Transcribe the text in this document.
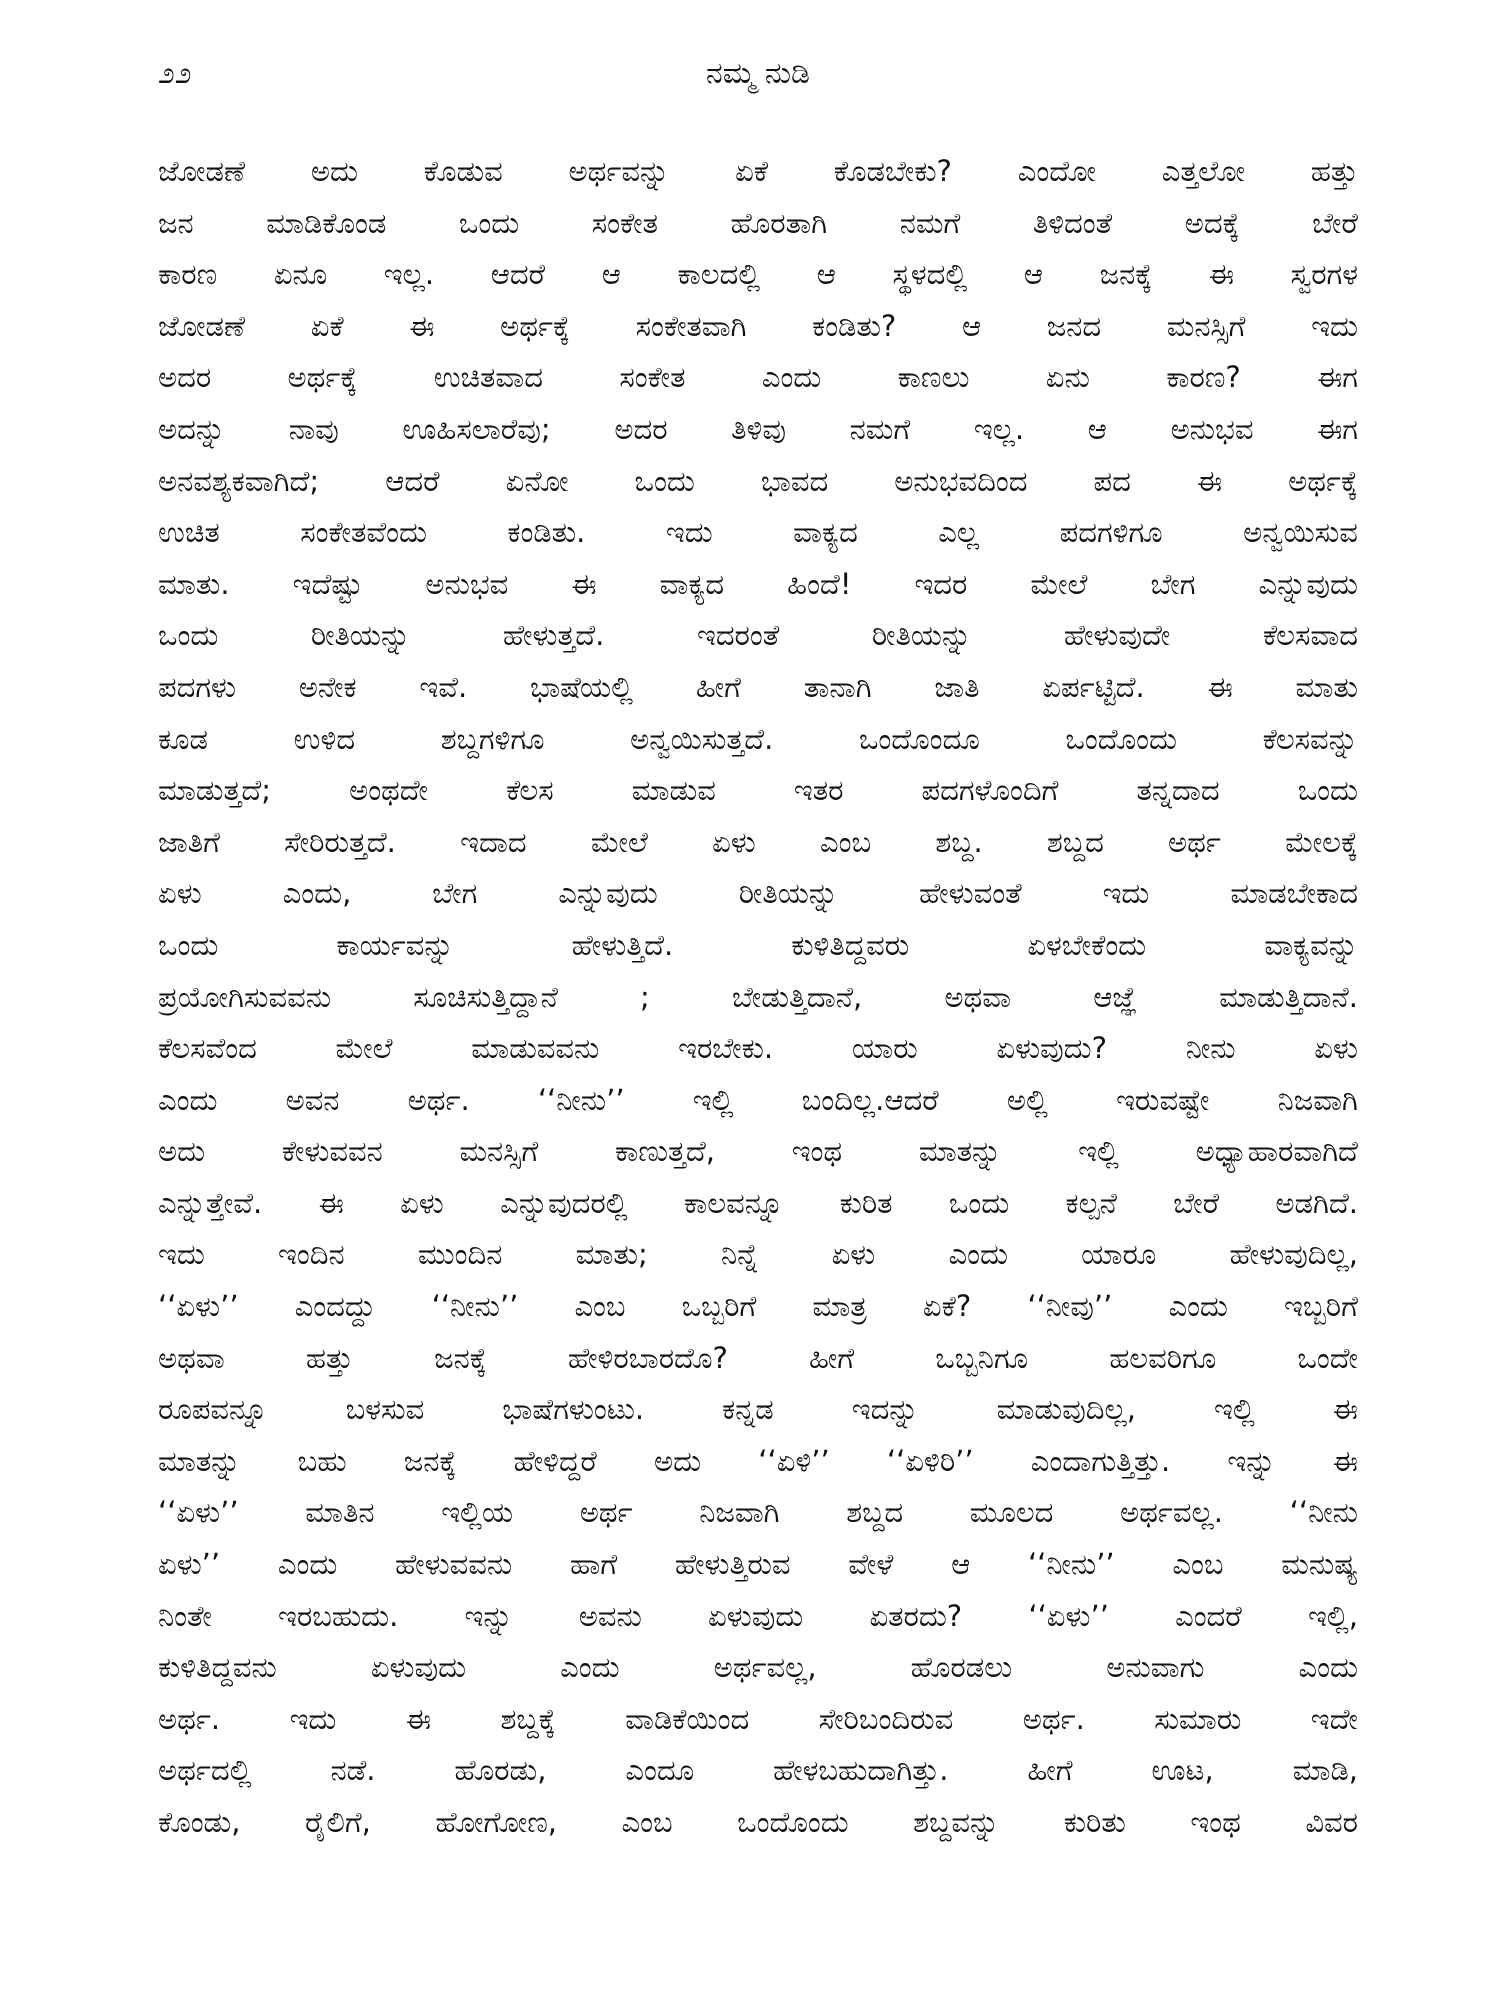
೨೨	ನಮ್ಮ ನುಡಿ
ಜೋಡಣೆ ಅದು ಕೊಡುವ ಅರ್ಥವನ್ನು ಏಕೆ ಕೊಡಬೇಕು? ಎಂದೋ ಎತ್ತಲೋ ಹತ್ತು
ಜನ	ಮಾಡಿಕೊಂಡ	ಒಂದು	ಸಂಕೇತ	ಹೊರತಾಗಿ	ನಮಗೆ	ತಿಳಿದಂತೆ	ಅದಕ್ಕೆ	ಬೇರೆ
ಕಾರಣ ಏನೂ ಇಲ್ಲ. ಆದರೆ ಆ ಕಾಲದಲ್ಲಿ ಆ ಸ್ಥಳದಲ್ಲಿ ಆ ಜನಕ್ಕೆ ಈ ಸ್ವರಗಳ
ಜೋಡಣೆ ಏಕೆ ಈ ಅರ್ಥಕ್ಕೆ ಸಂಕೇತವಾಗಿ ಕಂಡಿತು? ಆ ಜನದ ಮನಸ್ಸಿಗೆ ಇದು
ಅದರ	ಅರ್ಥಕ್ಕೆ	ಉಚಿತವಾದ	ಸಂಕೇತ	ಎಂದು	ಕಾಣಲು	ಏನು	ಕಾರಣ?	ಈಗ
ಅದನ್ನು ನಾವು ಊಹಿಸಲಾರೆವು; ಅದರ ತಿಳಿವು ನಮಗೆ ಇಲ್ಲ. ಆ ಅನುಭವ ಈಗ
ಅನವಶ್ಯಕವಾಗಿದೆ; ಆದರೆ ಏನೋ ಒಂದು ಭಾವದ ಅನುಭವದಿಂದ ಪದ ಈ ಅರ್ಥಕ್ಕೆ
ಉಚಿತ	ಸಂಕೇತವೆಂದು	ಕಂಡಿತು.	ಇದು	ವಾಕ್ಯದ	ಎಲ್ಲ	ಪದಗಳಿಗೂ	ಅನ್ವಯಿಸುವ
ಮಾತು. ಇದೆಷ್ಟು ಅನುಭವ ಈ ವಾಕ್ಯದ ಹಿಂದೆ! ಇದರ ಮೇಲೆ ಬೇಗ ಎನ್ನುವುದು
ಒಂದು	ರೀತಿಯನ್ನು	ಹೇಳುತ್ತದೆ.	ಇದರಂತೆ	ರೀತಿಯನ್ನು	ಹೇಳುವುದೇ	ಕೆಲಸವಾದ
ಪದಗಳು ಅನೇಕ ಇವೆ. ಭಾಷೆಯಲ್ಲಿ ಹೀಗೆ ತಾನಾಗಿ ಜಾತಿ ಏರ್ಪಟ್ಟಿದೆ. ಈ ಮಾತು
ಕೂಡ	ಉಳಿದ	ಶಬ್ದಗಳಿಗೂ	ಅನ್ವಯಿಸುತ್ತದೆ.	ಒಂದೊಂದೂ	ಒಂದೊಂದು	ಕೆಲಸವನ್ನು
ಮಾಡುತ್ತದೆ;	ಅಂಥದೇ	ಕೆಲಸ	ಮಾಡುವ	ಇತರ	ಪದಗಳೊಂದಿಗೆ	ತನ್ನದಾದ	ಒಂದು
ಜಾತಿಗೆ ಸೇರಿರುತ್ತದೆ. ಇದಾದ ಮೇಲೆ ಏಳು ಎಂಬ ಶಬ್ದ. ಶಬ್ದದ ಅರ್ಥ ಮೇಲಕ್ಕೆ
ಏಳು	ಎಂದು,	ಬೇಗ	ಎನ್ನುವುದು	ರೀತಿಯನ್ನು	ಹೇಳುವಂತೆ	ಇದು	ಮಾಡಬೇಕಾದ
ಒಂದು	ಕಾರ್ಯವನ್ನು	ಹೇಳುತ್ತಿದೆ.	ಕುಳಿತಿದ್ದವರು	ಏಳಬೇಕೆಂದು	ವಾಕ್ಯವನ್ನು
ಪ್ರಯೋಗಿಸುವವನು	ಸೂಚಿಸುತ್ತಿದ್ದಾನೆ	;	ಬೇಡುತ್ತಿದಾನೆ,	ಅಥವಾ	ಆಜ್ಞೆ	ಮಾಡುತ್ತಿದಾನೆ.
ಕೆಲಸವೆಂದ	ಮೇಲೆ	ಮಾಡುವವನು	ಇರಬೇಕು.	ಯಾರು	ಏಳುವುದು?	ನೀನು	ಏಳು
ಎಂದು ಅವನ ಅರ್ಥ. ‘‘ನೀನು’’ ಇಲ್ಲಿ ಬಂದಿಲ್ಲ.ಆದರೆ ಅಲ್ಲಿ ಇರುವಷ್ಟೇ ನಿಜವಾಗಿ
ಅದು	ಕೇಳುವವನ	ಮನಸ್ಸಿಗೆ	ಕಾಣುತ್ತದೆ,	ಇಂಥ	ಮಾತನ್ನು	ಇಲ್ಲಿ	ಅಧ್ಯಾಹಾರವಾಗಿದೆ
ಎನ್ನುತ್ತೇವೆ. ಈ ಏಳು ಎನ್ನುವುದರಲ್ಲಿ ಕಾಲವನ್ನೂ ಕುರಿತ ಒಂದು ಕಲ್ಪನೆ ಬೇರೆ ಅಡಗಿದೆ.
ಇದು	ಇಂದಿನ	ಮುಂದಿನ	ಮಾತು;	ನಿನ್ನೆ	ಏಳು	ಎಂದು	ಯಾರೂ	ಹೇಳುವುದಿಲ್ಲ,
‘‘ಏಳು’’ ಎಂದದ್ದು ‘‘ನೀನು’’ ಎಂಬ ಒಬ್ಬರಿಗೆ ಮಾತ್ರ ಏಕೆ? ‘‘ನೀವು’’ ಎಂದು ಇಬ್ಬರಿಗೆ
ಅಥವಾ	ಹತ್ತು	ಜನಕ್ಕೆ	ಹೇಳಿರಬಾರದೊ?	ಹೀಗೆ	ಒಬ್ಬನಿಗೂ	ಹಲವರಿಗೂ	ಒಂದೇ
ರೂಪವನ್ನೂ	ಬಳಸುವ	ಭಾಷೆಗಳುಂಟು.	ಕನ್ನಡ	ಇದನ್ನು	ಮಾಡುವುದಿಲ್ಲ,	ಇಲ್ಲಿ	ಈ
ಮಾತನ್ನು ಬಹು ಜನಕ್ಕೆ ಹೇಳಿದ್ದರೆ ಅದು ‘‘ಏಳಿ’’ ‘‘ಏಳಿರಿ’’ ಎಂದಾಗುತ್ತಿತ್ತು. ಇನ್ನು ಈ
‘‘ಏಳು’’ ಮಾತಿನ ಇಲ್ಲಿಯ ಅರ್ಥ ನಿಜವಾಗಿ ಶಬ್ದದ ಮೂಲದ ಅರ್ಥವಲ್ಲ. ‘‘ನೀನು
ಏಳು’’ ಎಂದು ಹೇಳುವವನು ಹಾಗೆ ಹೇಳುತ್ತಿರುವ ವೇಳೆ ಆ ‘‘ನೀನು’’ ಎಂಬ ಮನುಷ್ಯ
ನಿಂತೇ ಇರಬಹುದು. ಇನ್ನು ಅವನು ಏಳುವುದು ಏತರದು? ‘‘ಏಳು’’ ಎಂದರೆ ಇಲ್ಲಿ,
ಕುಳಿತಿದ್ದವನು	ಏಳುವುದು	ಎಂದು	ಅರ್ಥವಲ್ಲ,	ಹೊರಡಲು	ಅನುವಾಗು	ಎಂದು
ಅರ್ಥ. ಇದು ಈ ಶಬ್ದಕ್ಕೆ ವಾಡಿಕೆಯಿಂದ ಸೇರಿಬಂದಿರುವ ಅರ್ಥ. ಸುಮಾರು ಇದೇ
ಅರ್ಥದಲ್ಲಿ	ನಡೆ.	ಹೊರಡು,	ಎಂದೂ	ಹೇಳಬಹುದಾಗಿತ್ತು.	ಹೀಗೆ	ಊಟ,	ಮಾಡಿ,
ಕೊಂಡು, ರೈಲಿಗೆ, ಹೋಗೋಣ, ಎಂಬ ಒಂದೊಂದು ಶಬ್ದವನ್ನು ಕುರಿತು ಇಂಥ ವಿವರ
